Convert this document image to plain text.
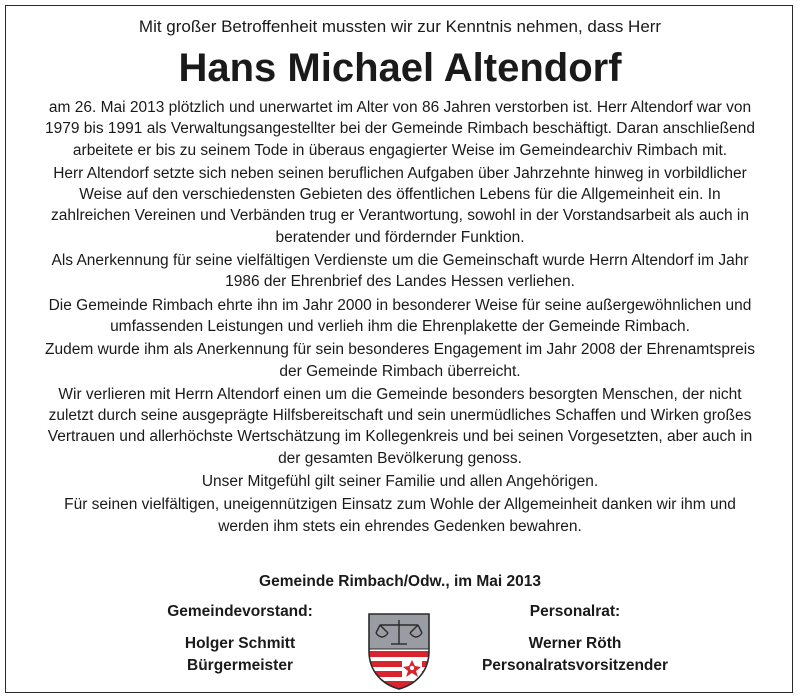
Mit großer Betroffenheit mussten wir zur Kenntnis nehmen, dass Herr
Hans Michael Altendorf

am 26. Mai 2013 plötzlich und unerwartet im Alter von 86 Jahren verstorben ist. Herr Altendorf war von 1979 bis 1991 als Verwaltungsangestellter bei der Gemeinde Rimbach beschäftigt. Daran anschließend arbeitete er bis zu seinem Tode in überaus engagierter Weise im Gemeindearchiv Rimbach mit.

Herr Altendorf setzte sich neben seinen beruflichen Aufgaben über Jahrzehnte hinweg in vorbildlicher Weise auf den verschiedensten Gebieten des öffentlichen Lebens für die Allgemeinheit ein. In zahlreichen Vereinen und Verbänden trug er Verantwortung, sowohl in der Vorstandsarbeit als auch in beratender und fördernder Funktion.

Als Anerkennung für seine vielfältigen Verdienste um die Gemeinschaft wurde Herrn Altendorf im Jahr 1986 der Ehrenbrief des Landes Hessen verliehen.

Die Gemeinde Rimbach ehrte ihn im Jahr 2000 in besonderer Weise für seine außergewöhnlichen und umfassenden Leistungen und verlieh ihm die Ehrenplakette der Gemeinde Rimbach.

Zudem wurde ihm als Anerkennung für sein besonderes Engagement im Jahr 2008 der Ehrenamtspreis der Gemeinde Rimbach überreicht.

Wir verlieren mit Herrn Altendorf einen um die Gemeinde besonders besorgten Menschen, der nicht zuletzt durch seine ausgeprägte Hilfsbereitschaft und sein unermüdliches Schaffen und Wirken großes Vertrauen und allerhöchste Wertschätzung im Kollegenkreis und bei seinen Vorgesetzten, aber auch in der gesamten Bevölkerung genoss.

Unser Mitgefühl gilt seiner Familie und allen Angehörigen.

Für seinen vielfältigen, uneigennützigen Einsatz zum Wohle der Allgemeinheit danken wir ihm und werden ihm stets ein ehrendes Gedenken bewahren.

Gemeinde Rimbach/Odw., im Mai 2013
Gemeindevorstand:
Holger Schmitt
Bürgermeister
Personalrat:
Werner Röth
Personalratsvorsitzender
